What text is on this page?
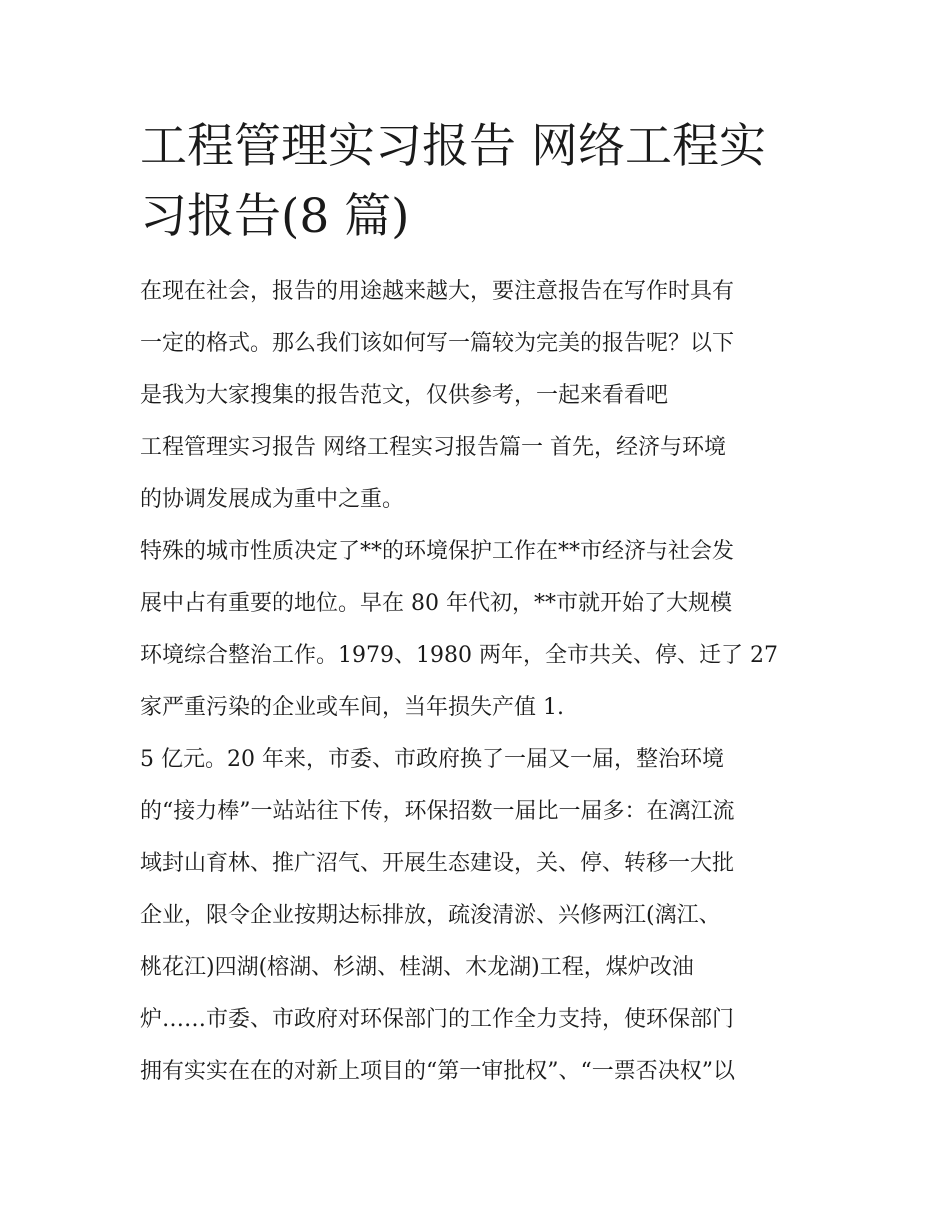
工程管理实习报告 网络工程实
习报告(8 篇)
在现在社会，报告的用途越来越大，要注意报告在写作时具有
一定的格式。那么我们该如何写一篇较为完美的报告呢？以下
是我为大家搜集的报告范文，仅供参考，一起来看看吧
工程管理实习报告 网络工程实习报告篇一 首先，经济与环境
的协调发展成为重中之重。
特殊的城市性质决定了**的环境保护工作在**市经济与社会发
展中占有重要的地位。早在 80 年代初，**市就开始了大规模
环境综合整治工作。1979、1980 两年，全市共关、停、迁了 27
家严重污染的企业或车间，当年损失产值 1.
5 亿元。20 年来，市委、市政府换了一届又一届，整治环境
的“接力棒”一站站往下传，环保招数一届比一届多：在漓江流
域封山育林、推广沼气、开展生态建设，关、停、转移一大批
企业，限令企业按期达标排放，疏浚清淤、兴修两江(漓江、
桃花江)四湖(榕湖、杉湖、桂湖、木龙湖)工程，煤炉改油
炉……市委、市政府对环保部门的工作全力支持，使环保部门
拥有实实在在的对新上项目的“第一审批权”、“一票否决权”以
